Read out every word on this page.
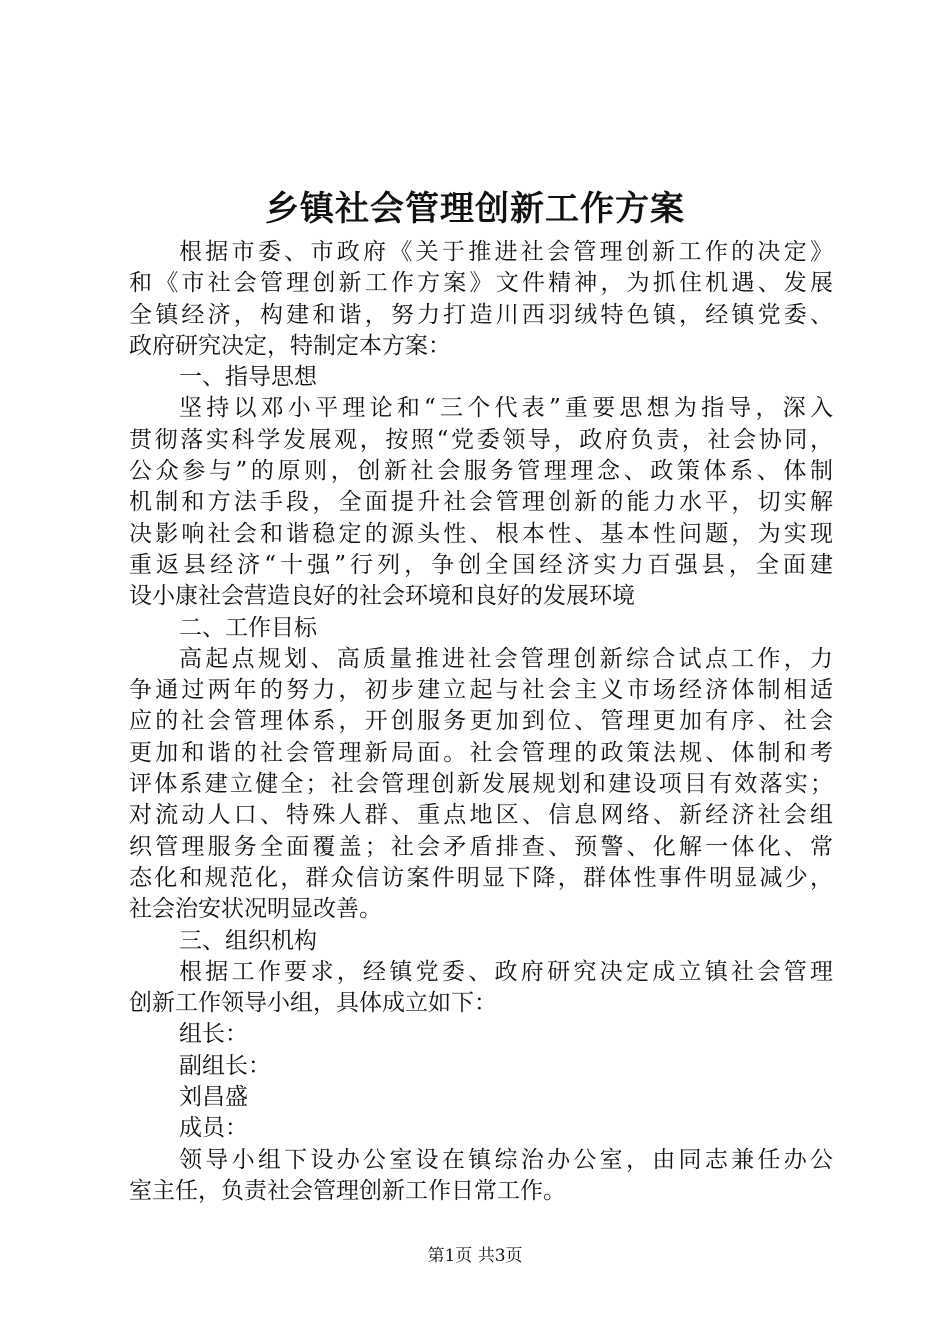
乡镇社会管理创新工作方案
根据市委、市政府《关于推进社会管理创新工作的决定》
和《市社会管理创新工作方案》文件精神，为抓住机遇、发展
全镇经济，构建和谐，努力打造川西羽绒特色镇，经镇党委、
政府研究决定，特制定本方案：
一、指导思想
坚持以邓小平理论和“三个代表”重要思想为指导，深入
贯彻落实科学发展观，按照“党委领导，政府负责，社会协同，
公众参与”的原则，创新社会服务管理理念、政策体系、体制
机制和方法手段，全面提升社会管理创新的能力水平，切实解
决影响社会和谐稳定的源头性、根本性、基本性问题，为实现
重返县经济“十强”行列，争创全国经济实力百强县，全面建
设小康社会营造良好的社会环境和良好的发展环境
二、工作目标
高起点规划、高质量推进社会管理创新综合试点工作，力
争通过两年的努力，初步建立起与社会主义市场经济体制相适
应的社会管理体系，开创服务更加到位、管理更加有序、社会
更加和谐的社会管理新局面。社会管理的政策法规、体制和考
评体系建立健全；社会管理创新发展规划和建设项目有效落实；
对流动人口、特殊人群、重点地区、信息网络、新经济社会组
织管理服务全面覆盖；社会矛盾排查、预警、化解一体化、常
态化和规范化，群众信访案件明显下降，群体性事件明显减少，
社会治安状况明显改善。
三、组织机构
根据工作要求，经镇党委、政府研究决定成立镇社会管理
创新工作领导小组，具体成立如下：
组长：
副组长：
刘昌盛
成员：
领导小组下设办公室设在镇综治办公室，由同志兼任办公
室主任，负责社会管理创新工作日常工作。
第1页 共3页
